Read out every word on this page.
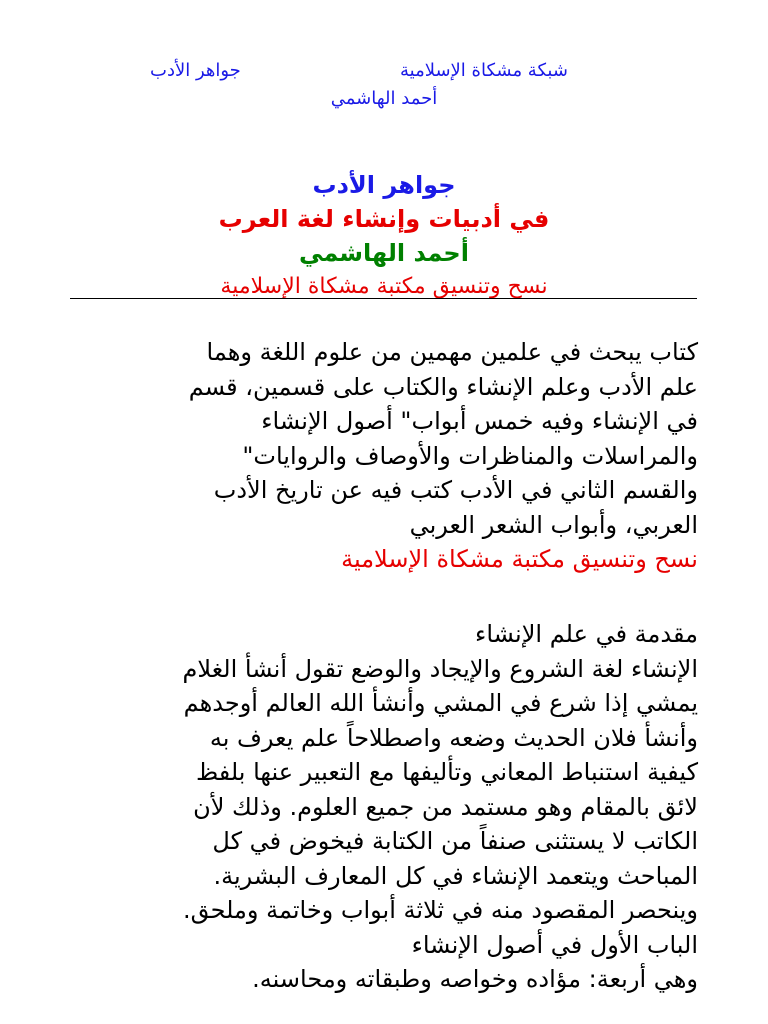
جواهر الأدب	شبكة مشكاة الإسلامية
أحمد الهاشمي
جواهر الأدب
في أدبيات وإنشاء لغة العرب
أحمد الهاشمي
نسح وتنسيق مكتبة مشكاة الإسلامية
كتاب يبحث في علمين مهمين من علوم اللغة وهما
علم الأدب وعلم الإنشاء والكتاب على قسمين، قسم
في الإنشاء وفيه خمس أبواب" أصول الإنشاء
والمراسلات والمناظرات والأوصاف والروايات"
والقسم الثاني في الأدب كتب فيه عن تاريخ الأدب
العربي، وأبواب الشعر العربي
نسح وتنسيق مكتبة مشكاة الإسلامية
مقدمة في علم الإنشاء
الإنشاء لغة الشروع والإيجاد والوضع تقول أنشأ الغلام
يمشي إذا شرع في المشي وأنشأ الله العالم أوجدهم
وأنشأ فلان الحديث وضعه واصطلاحاً علم يعرف به
كيفية استنباط المعاني وتأليفها مع التعبير عنها بلفظ
لائق بالمقام وهو مستمد من جميع العلوم. وذلك لأن
الكاتب لا يستثنى صنفاً من الكتابة فيخوض في كل
المباحث ويتعمد الإنشاء في كل المعارف البشرية.
وينحصر المقصود منه في ثلاثة أبواب وخاتمة وملحق.
الباب الأول في أصول الإنشاء
وهي أربعة: مؤاده وخواصه وطبقاته ومحاسنه.
